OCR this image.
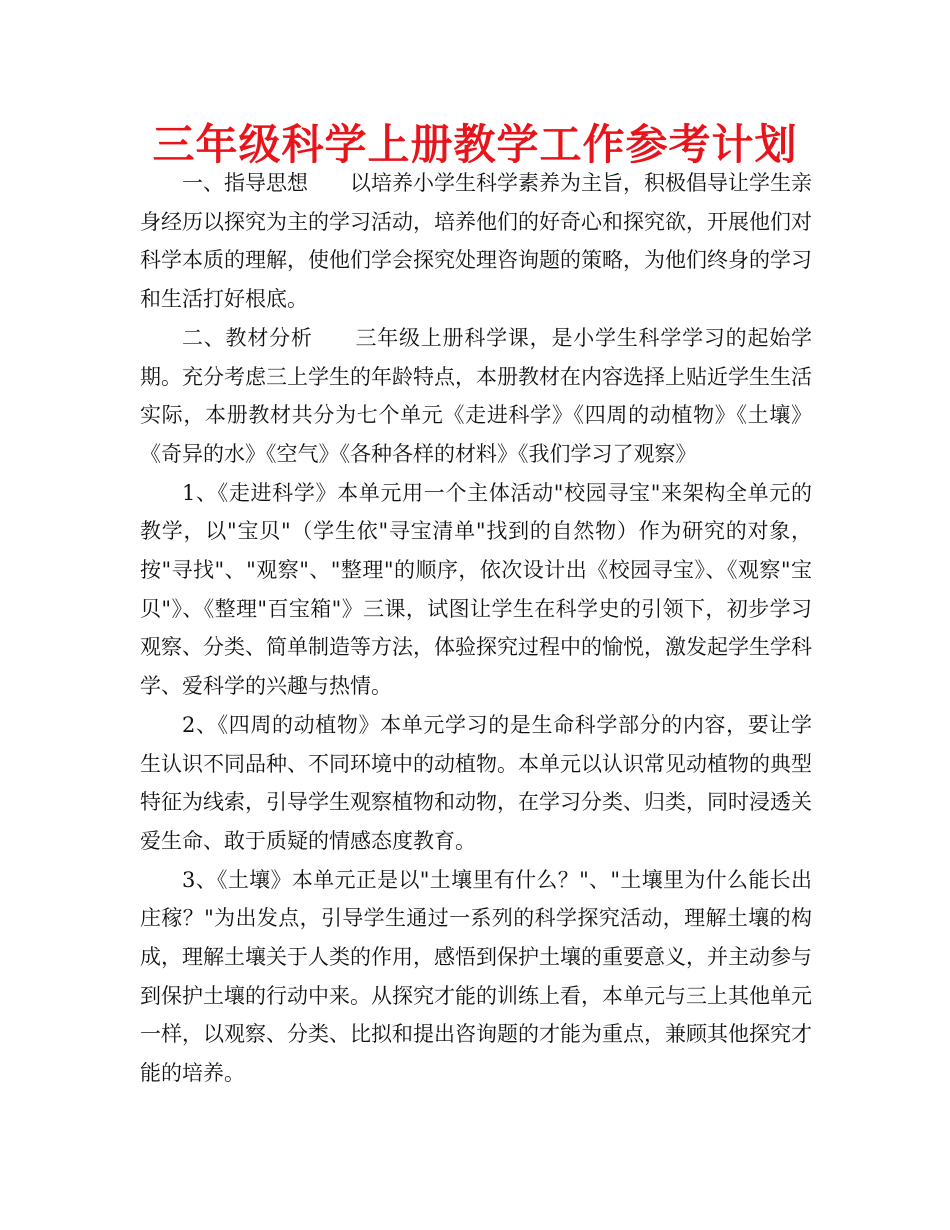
三年级科学上册教学工作参考计划

一、指导思想 以培养小学生科学素养为主旨，积极倡导让学生亲身经历以探究为主的学习活动，培养他们的好奇心和探究欲，开展他们对科学本质的理解，使他们学会探究处理咨询题的策略，为他们终身的学习和生活打好根底。

二、教材分析 三年级上册科学课，是小学生科学学习的起始学期。充分考虑三上学生的年龄特点，本册教材在内容选择上贴近学生生活实际，本册教材共分为七个单元《走进科学》《四周的动植物》《土壤》《奇异的水》《空气》《各种各样的材料》《我们学习了观察》

1、《走进科学》本单元用一个主体活动"校园寻宝"来架构全单元的教学，以"宝贝"（学生依"寻宝清单"找到的自然物）作为研究的对象，按"寻找"、"观察"、"整理"的顺序，依次设计出《校园寻宝》、《观察"宝贝"》、《整理"百宝箱"》三课，试图让学生在科学史的引领下，初步学习观察、分类、简单制造等方法，体验探究过程中的愉悦，激发起学生学科学、爱科学的兴趣与热情。

2、《四周的动植物》本单元学习的是生命科学部分的内容，要让学生认识不同品种、不同环境中的动植物。本单元以认识常见动植物的典型特征为线索，引导学生观察植物和动物，在学习分类、归类，同时浸透关爱生命、敢于质疑的情感态度教育。

3、《土壤》本单元正是以"土壤里有什么？"、"土壤里为什么能长出庄稼？"为出发点，引导学生通过一系列的科学探究活动，理解土壤的构成，理解土壤关于人类的作用，感悟到保护土壤的重要意义，并主动参与到保护土壤的行动中来。从探究才能的训练上看，本单元与三上其他单元一样，以观察、分类、比拟和提出咨询题的才能为重点，兼顾其他探究才能的培养。
